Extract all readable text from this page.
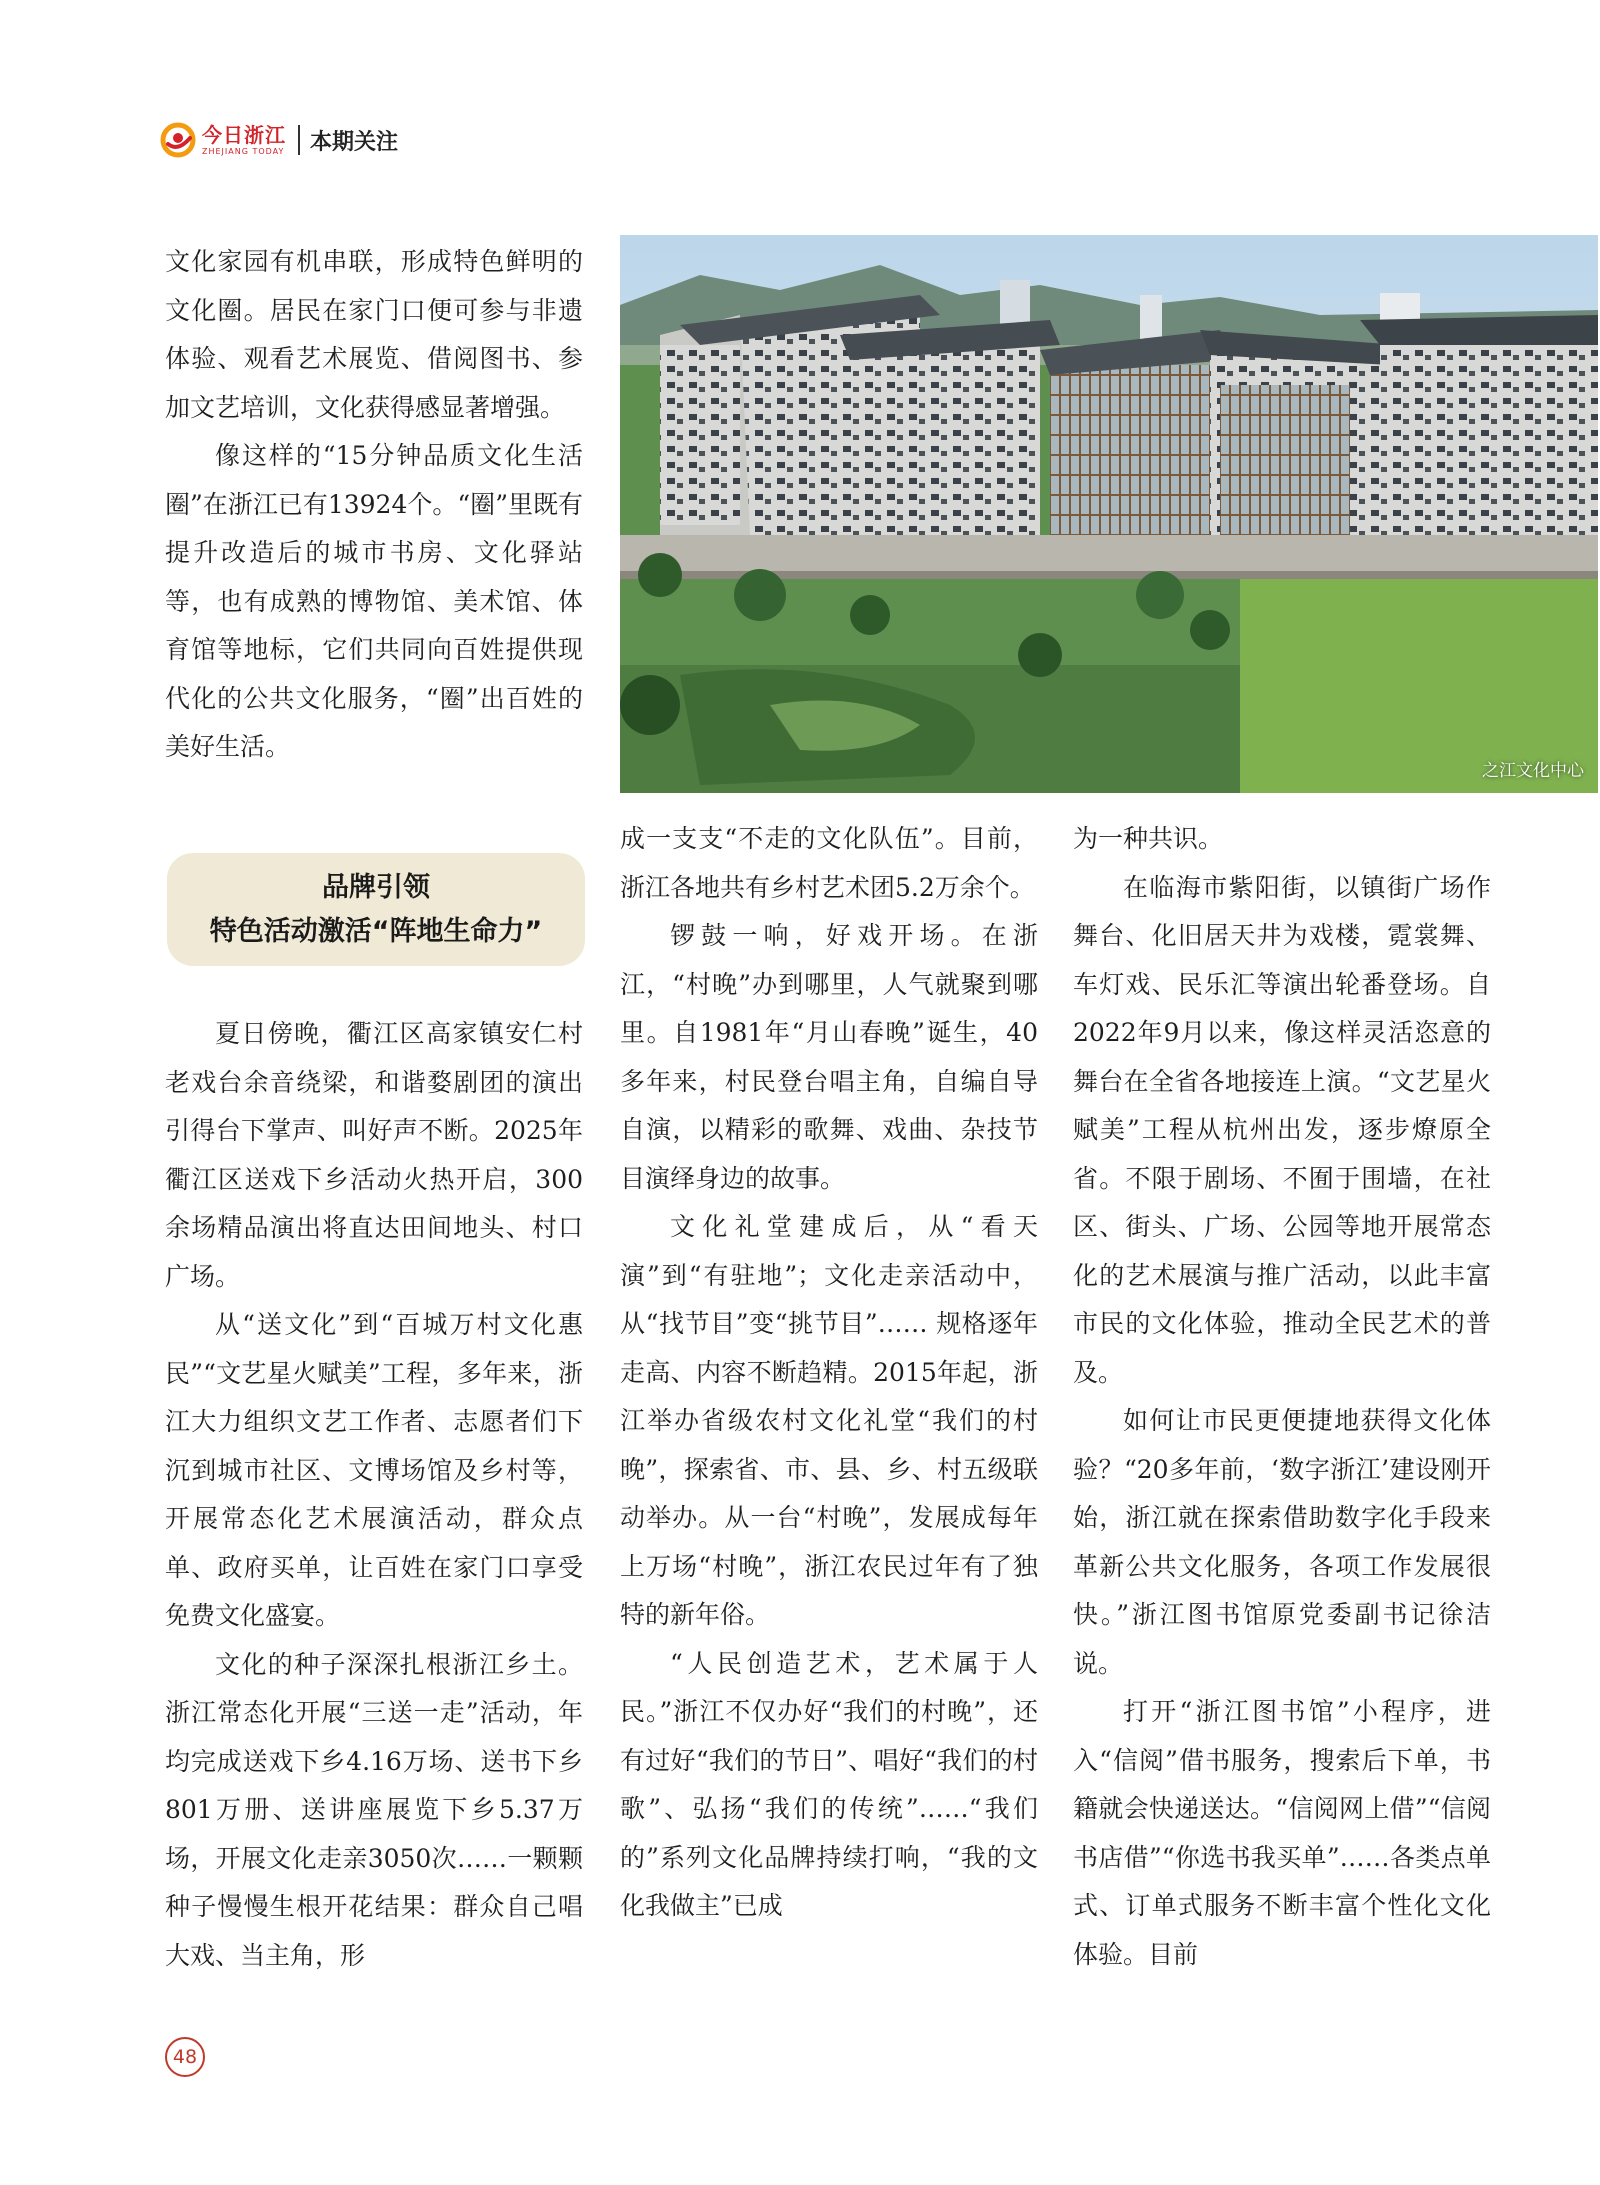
今日浙江
ZHEJIANG TODAY 本期关注

文化家园有机串联，形成特色鲜明的文化圈。居民在家门口便可参与非遗体验、观看艺术展览、借阅图书、参加文艺培训，文化获得感显著增强。

像这样的“15分钟品质文化生活圈”在浙江已有13924个。“圈”里既有提升改造后的城市书房、文化驿站等，也有成熟的博物馆、美术馆、体育馆等地标，它们共同向百姓提供现代化的公共文化服务，“圈”出百姓的美好生活。

之江文化中心
品牌引领
特色活动激活“阵地生命力”

夏日傍晚，衢江区高家镇安仁村老戏台余音绕梁，和谐婺剧团的演出引得台下掌声、叫好声不断。2025年衢江区送戏下乡活动火热开启，300余场精品演出将直达田间地头、村口广场。

从“送文化”到“百城万村文化惠民”“文艺星火赋美”工程，多年来，浙江大力组织文艺工作者、志愿者们下沉到城市社区、文博场馆及乡村等，开展常态化艺术展演活动，群众点单、政府买单，让百姓在家门口享受免费文化盛宴。

文化的种子深深扎根浙江乡土。浙江常态化开展“三送一走”活动，年均完成送戏下乡4.16万场、送书下乡801万册、送讲座展览下乡5.37万场，开展文化走亲3050次……一颗颗种子慢慢生根开花结果：群众自己唱大戏、当主角，形

成一支支“不走的文化队伍”。目前，浙江各地共有乡村艺术团5.2万余个。

锣鼓一响，好戏开场。在浙江，“村晚”办到哪里，人气就聚到哪里。自1981年“月山春晚”诞生，40多年来，村民登台唱主角，自编自导自演，以精彩的歌舞、戏曲、杂技节目演绎身边的故事。

文化礼堂建成后，从“看天演”到“有驻地”；文化走亲活动中，从“找节目”变“挑节目”…… 规格逐年走高、内容不断趋精。2015年起，浙江举办省级农村文化礼堂“我们的村晚”，探索省、市、县、乡、村五级联动举办。从一台“村晚”，发展成每年上万场“村晚”，浙江农民过年有了独特的新年俗。

“人民创造艺术，艺术属于人民。”浙江不仅办好“我们的村晚”，还有过好“我们的节日”、唱好“我们的村歌”、弘扬“我们的传统”……“我们的”系列文化品牌持续打响，“我的文化我做主”已成

为一种共识。

在临海市紫阳街，以镇街广场作舞台、化旧居天井为戏楼，霓裳舞、车灯戏、民乐汇等演出轮番登场。自2022年9月以来，像这样灵活恣意的舞台在全省各地接连上演。“文艺星火赋美”工程从杭州出发，逐步燎原全省。不限于剧场、不囿于围墙，在社区、街头、广场、公园等地开展常态化的艺术展演与推广活动，以此丰富市民的文化体验，推动全民艺术的普及。

如何让市民更便捷地获得文化体验？“20多年前，‘数字浙江’建设刚开始，浙江就在探索借助数字化手段来革新公共文化服务，各项工作发展很快。”浙江图书馆原党委副书记徐洁说。

打开“浙江图书馆”小程序，进入“信阅”借书服务，搜索后下单，书籍就会快递送达。“信阅网上借”“信阅书店借”“你选书我买单”……各类点单式、订单式服务不断丰富个性化文化体验。目前

48
